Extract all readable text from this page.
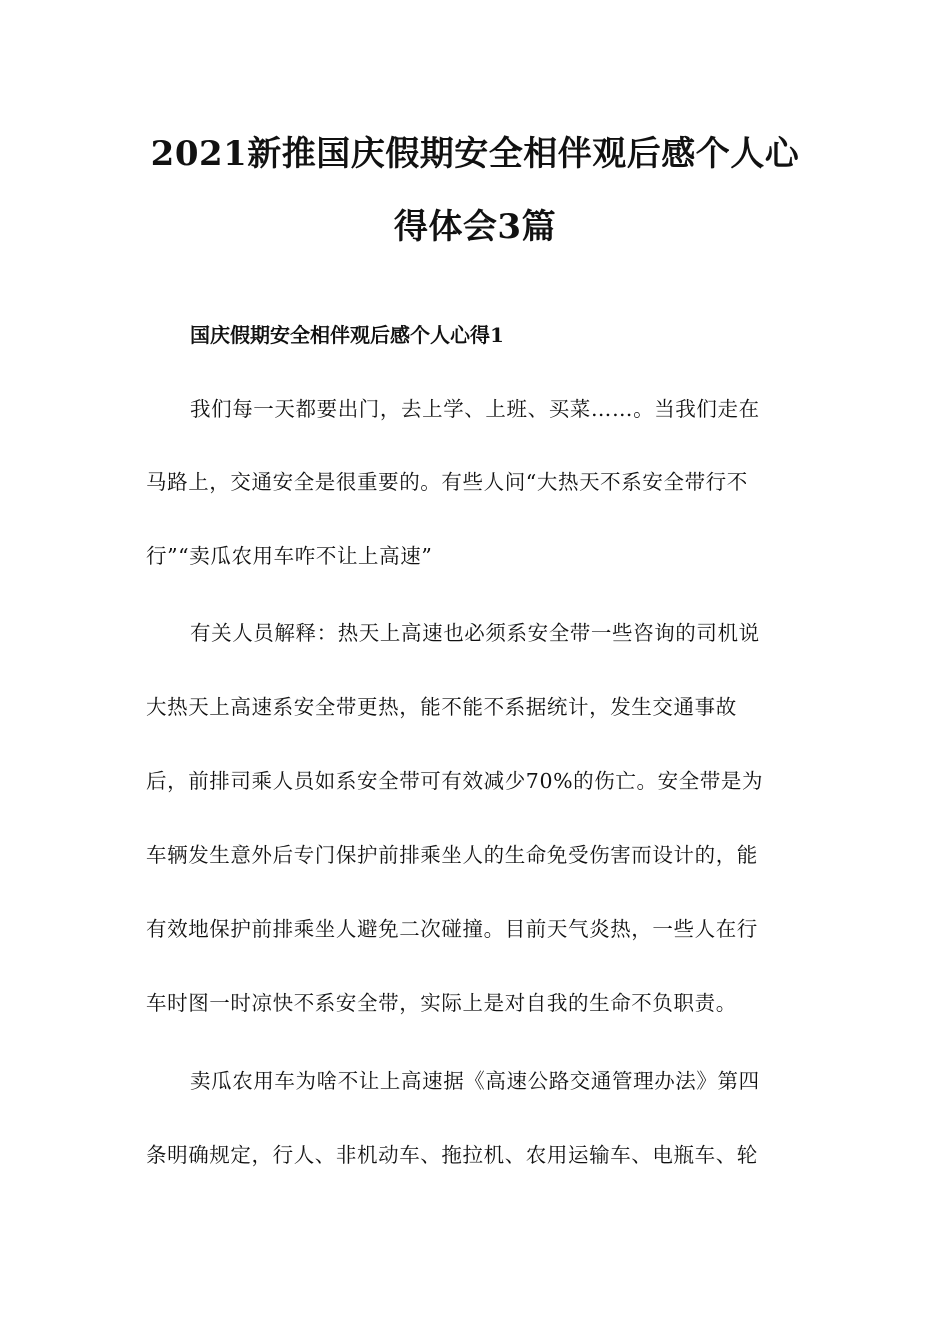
2021新推国庆假期安全相伴观后感个人心
得体会3篇
国庆假期安全相伴观后感个人心得1
我们每一天都要出门，去上学、上班、买菜……。当我们走在
马路上，交通安全是很重要的。有些人问“大热天不系安全带行不
行”“卖瓜农用车咋不让上高速”
有关人员解释：热天上高速也必须系安全带一些咨询的司机说
大热天上高速系安全带更热，能不能不系据统计，发生交通事故
后，前排司乘人员如系安全带可有效减少70%的伤亡。安全带是为
车辆发生意外后专门保护前排乘坐人的生命免受伤害而设计的，能
有效地保护前排乘坐人避免二次碰撞。目前天气炎热，一些人在行
车时图一时凉快不系安全带，实际上是对自我的生命不负职责。
卖瓜农用车为啥不让上高速据《高速公路交通管理办法》第四
条明确规定，行人、非机动车、拖拉机、农用运输车、电瓶车、轮
